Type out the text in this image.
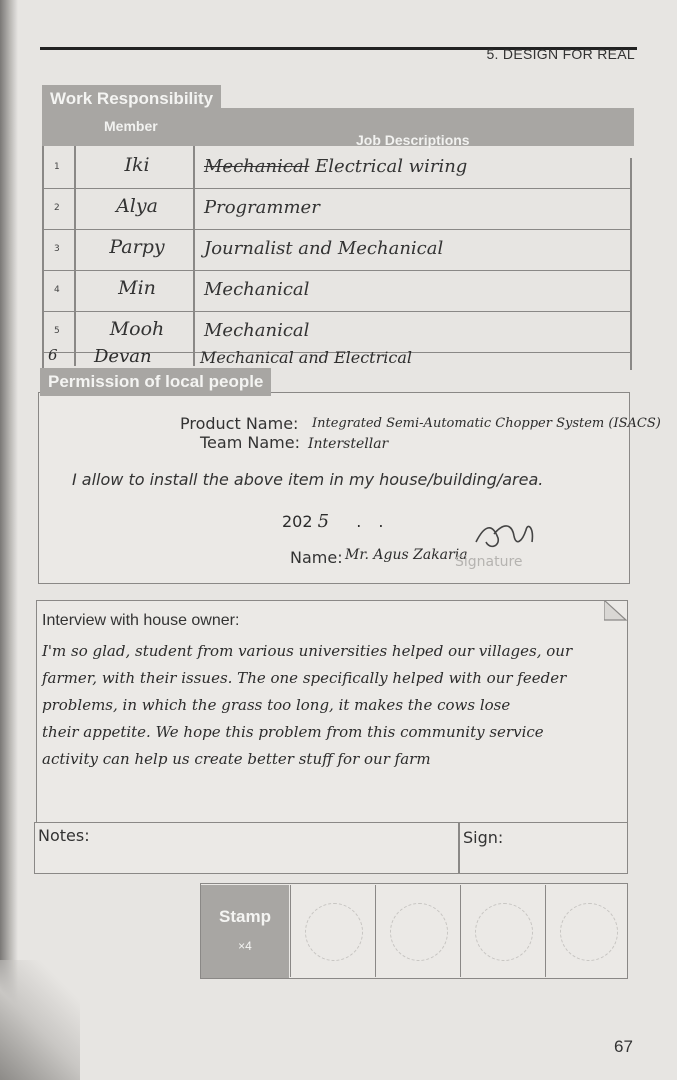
5. DESIGN FOR REAL
Work Responsibility
Member
Job Descriptions
1	Iki	Mechanical Electrical wiring
2	Alya	Programmer
3	Parpy	Journalist and Mechanical
4	Min	Mechanical
5	Mooh	Mechanical
6 Devan	Mechanical and Electrical
Permission of local people
Product Name: Integrated Semi-Automatic Chopper System (ISACS)
Team Name: Interstellar
I allow to install the above item in my house/building/area.
202 5 . .
Name: Mr. Agus Zakaria
Signature
Interview with house owner:
I'm so glad, student from various universities helped our villages, our
farmer, with their issues. The one specifically helped with our feeder
problems, in which the grass too long, it makes the cows lose
their appetite. We hope this problem from this community service
activity can help us create better stuff for our farm
Notes:	Sign:
Stamp
×4
67
